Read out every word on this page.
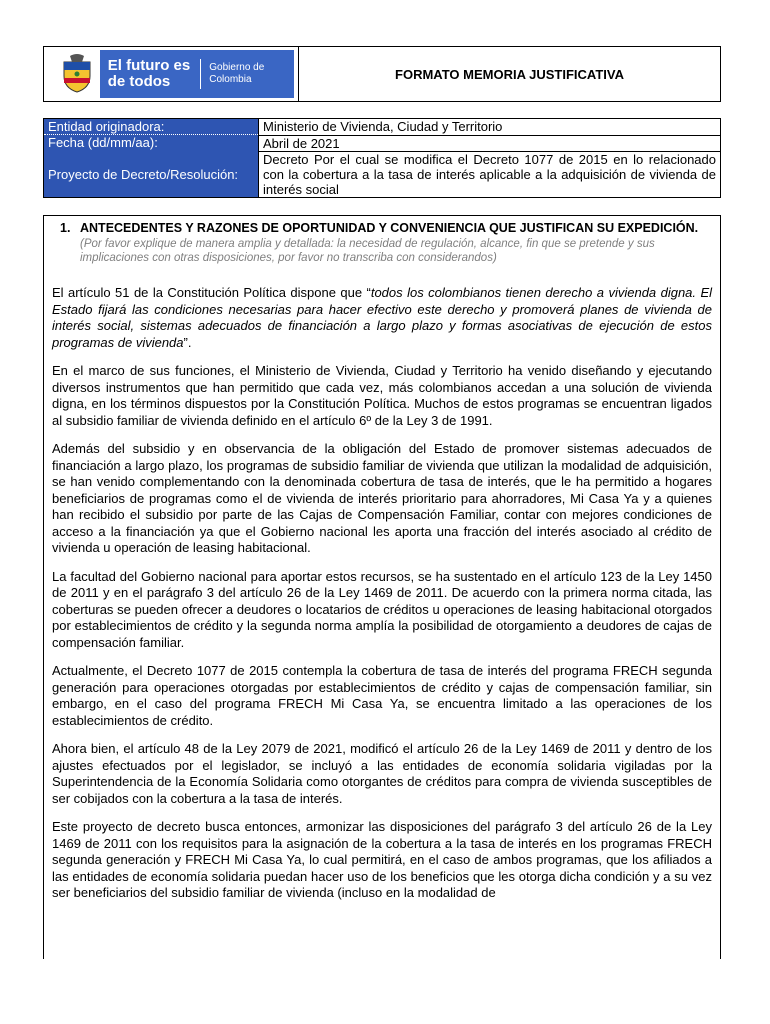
El futuro es de todos
Gobierno de Colombia	FORMATO MEMORIA JUSTIFICATIVA
Entidad originadora:	Ministerio de Vivienda, Ciudad y Territorio
Fecha (dd/mm/aa):	Abril de 2021
Proyecto de Decreto/Resolución:
Decreto Por el cual se modifica el Decreto 1077 de 2015 en lo relacionado con la cobertura a la tasa de interés aplicable a la adquisición de vivienda de interés social
1. ANTECEDENTES Y RAZONES DE OPORTUNIDAD Y CONVENIENCIA QUE JUSTIFICAN SU EXPEDICIÓN.
(Por favor explique de manera amplia y detallada: la necesidad de regulación, alcance, fin que se pretende y sus implicaciones con otras disposiciones, por favor no transcriba con considerandos)

El artículo 51 de la Constitución Política dispone que “todos los colombianos tienen derecho a vivienda digna. El Estado fijará las condiciones necesarias para hacer efectivo este derecho y promoverá planes de vivienda de interés social, sistemas adecuados de financiación a largo plazo y formas asociativas de ejecución de estos programas de vivienda”.

En el marco de sus funciones, el Ministerio de Vivienda, Ciudad y Territorio ha venido diseñando y ejecutando diversos instrumentos que han permitido que cada vez, más colombianos accedan a una solución de vivienda digna, en los términos dispuestos por la Constitución Política. Muchos de estos programas se encuentran ligados al subsidio familiar de vivienda definido en el artículo 6º de la Ley 3 de 1991.

Además del subsidio y en observancia de la obligación del Estado de promover sistemas adecuados de financiación a largo plazo, los programas de subsidio familiar de vivienda que utilizan la modalidad de adquisición, se han venido complementando con la denominada cobertura de tasa de interés, que le ha permitido a hogares beneficiarios de programas como el de vivienda de interés prioritario para ahorradores, Mi Casa Ya y a quienes han recibido el subsidio por parte de las Cajas de Compensación Familiar, contar con mejores condiciones de acceso a la financiación ya que el Gobierno nacional les aporta una fracción del interés asociado al crédito de vivienda u operación de leasing habitacional.

La facultad del Gobierno nacional para aportar estos recursos, se ha sustentado en el artículo 123 de la Ley 1450 de 2011 y en el parágrafo 3 del artículo 26 de la Ley 1469 de 2011. De acuerdo con la primera norma citada, las coberturas se pueden ofrecer a deudores o locatarios de créditos u operaciones de leasing habitacional otorgados por establecimientos de crédito y la segunda norma amplía la posibilidad de otorgamiento a deudores de cajas de compensación familiar.

Actualmente, el Decreto 1077 de 2015 contempla la cobertura de tasa de interés del programa FRECH segunda generación para operaciones otorgadas por establecimientos de crédito y cajas de compensación familiar, sin embargo, en el caso del programa FRECH Mi Casa Ya, se encuentra limitado a las operaciones de los establecimientos de crédito.

Ahora bien, el artículo 48 de la Ley 2079 de 2021, modificó el artículo 26 de la Ley 1469 de 2011 y dentro de los ajustes efectuados por el legislador, se incluyó a las entidades de economía solidaria vigiladas por la Superintendencia de la Economía Solidaria como otorgantes de créditos para compra de vivienda susceptibles de ser cobijados con la cobertura a la tasa de interés.

Este proyecto de decreto busca entonces, armonizar las disposiciones del parágrafo 3 del artículo 26 de la Ley 1469 de 2011 con los requisitos para la asignación de la cobertura a la tasa de interés en los programas FRECH segunda generación y FRECH Mi Casa Ya, lo cual permitirá, en el caso de ambos programas, que los afiliados a las entidades de economía solidaria puedan hacer uso de los beneficios que les otorga dicha condición y a su vez ser beneficiarios del subsidio familiar de vivienda (incluso en la modalidad de
